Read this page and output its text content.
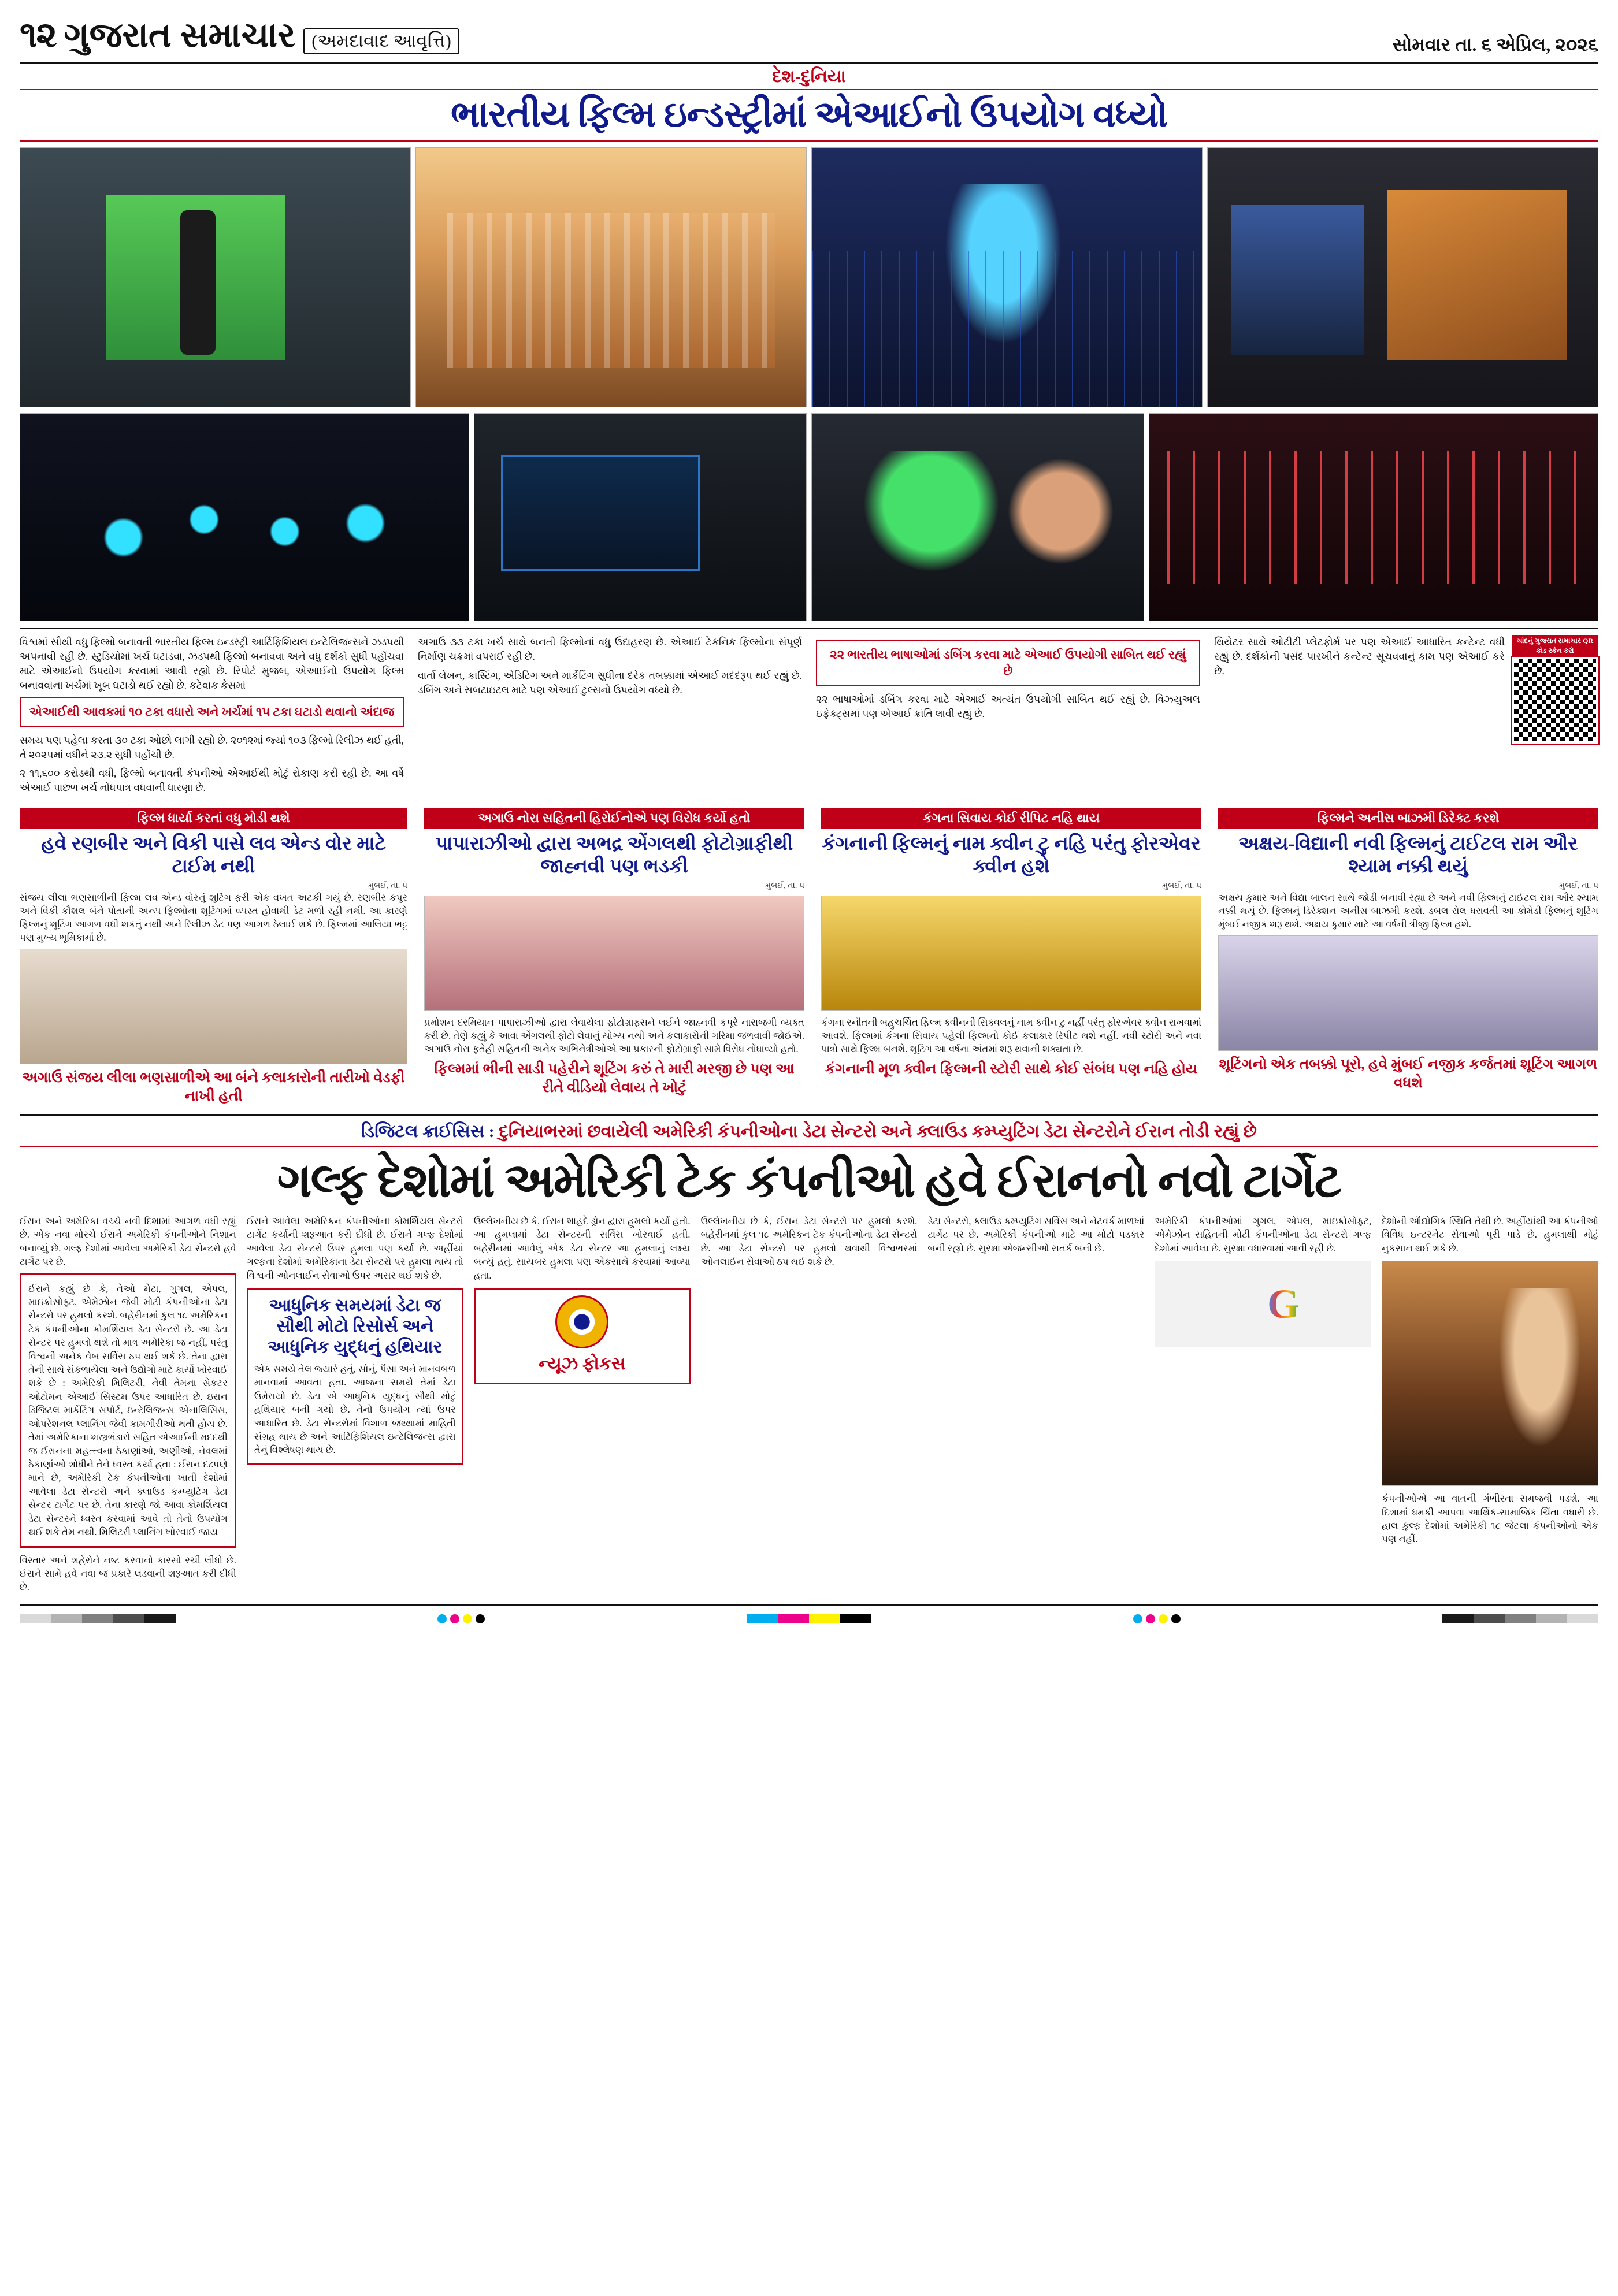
૧૨ ગુજરાત સમાચાર (અમદાવાદ આવૃત્તિ)	સોમવાર તા. ૬ એપ્રિલ, ૨૦૨૬
દેશ-દુનિયા
ભારતીય ફિલ્મ ઇન્ડસ્ટ્રીમાં એઆઈનો ઉપયોગ વધ્યો

વિશ્વમાં સૌથી વધુ ફિલ્મો બનાવતી ભારતીય ફિલ્મ ઇન્ડસ્ટ્રી આર્ટિફિશિયલ ઇન્ટેલિજન્સને ઝડપથી અપનાવી રહી છે. સ્ટુડિયોમાં ખર્ચ ઘટાડવા, ઝડપથી ફિલ્મો બનાવવા અને વધુ દર્શકો સુધી પહોંચવા માટે એઆઈનો ઉપયોગ કરવામાં આવી રહ્યો છે. રિપોર્ટ મુજબ, એઆઈનો ઉપયોગ ફિલ્મ બનાવવાના ખર્ચમાં ખૂબ ઘટાડો થઈ રહ્યો છે. કટેવાક કેસમાં

એઆઈથી આવકમાં ૧૦ ટકા વધારો અને ખર્ચમાં ૧૫ ટકા ઘટાડો થવાનો અંદાજ

સમય પણ પહેલા કરતા ૩૦ ટકા ઓછો લાગી રહ્યો છે. ૨૦૧૨માં જ્યાં ૧૦૩ ફિલ્મો રિલીઝ થઈ હતી, તે ૨૦૨૫માં વધીને ૨૩.૨ સુધી પહોંચી છે.

૨ ૧૧,૬૦૦ કરોડથી વધી, ફિલ્મો બનાવતી કંપનીઓ એઆઈથી મોટું રોકાણ કરી રહી છે. આ વર્ષે એઆઈ પાછળ ખર્ચ નોંધપાત્ર વધવાની ધારણા છે.

અગાઉ ૩૩ ટકા ખર્ચ સાથે બનતી ફિલ્મોનાં વધુ ઉદાહરણ છે. એઆઈ ટેકનિક ફિલ્મોના સંપૂર્ણ નિર્માણ ચક્રમાં વપરાઈ રહી છે.

વાર્તા લેખન, કાસ્ટિંગ, એડિટિંગ અને માર્કેટિંગ સુધીના દરેક તબક્કામાં એઆઈ મદદરૂપ થઈ રહ્યું છે. ડબિંગ અને સબટાઇટલ માટે પણ એઆઈ ટુલ્સનો ઉપયોગ વધ્યો છે.

૨૨ ભારતીય ભાષાઓમાં ડબિંગ કરવા માટે એઆઈ ઉપયોગી સાબિત થઈ રહ્યું છે

૨૨ ભાષાઓમાં ડબિંગ કરવા માટે એઆઈ અત્યંત ઉપયોગી સાબિત થઈ રહ્યું છે. વિઝ્યુઅલ ઇફેક્ટ્સમાં પણ એઆઈ ક્રાંતિ લાવી રહ્યું છે.

ચાંદનું ગુજરાત સમાચાર QR કોડ સ્કેન કરો

થિયેટર સાથે ઓટીટી પ્લેટફોર્મ પર પણ એઆઈ આધારિત કન્ટેન્ટ વધી રહ્યું છે. દર્શકોની પસંદ પારખીને કન્ટેન્ટ સૂચવવાનું કામ પણ એઆઈ કરે છે.

ફિલ્મ ધાર્યા કરતાં વધુ મોડી થશે
હવે રણબીર અને વિકી પાસે લવ એન્ડ વોર માટે ટાઈમ નથી
મુંબઈ, તા. ૫
સંજય લીલા ભણસાળીની ફિલ્મ લવ એન્ડ વોરનું શૂટિંગ ફરી એક વખત અટકી ગયું છે. રણબીર કપૂર અને વિકી કૌશલ બંને પોતાની અન્ય ફિલ્મોના શૂટિંગમાં વ્યસ્ત હોવાથી ડેટ મળી રહી નથી. આ કારણે ફિલ્મનું શૂટિંગ આગળ વધી શકતું નથી અને રિલીઝ ડેટ પણ આગળ ઠેલાઈ શકે છે. ફિલ્મમાં આલિયા ભટ્ટ પણ મુખ્ય ભૂમિકામાં છે.
અગાઉ સંજય લીલા ભણસાળીએ આ બંને કલાકારોની તારીખો વેડફી નાખી હતી
અગાઉ નોરા સહિતની હિરોઈનોએ પણ વિરોધ કર્યો હતો
પાપારાઝીઓ દ્વારા અભદ્ર એંગલથી ફોટોગ્રાફીથી જાહ્નવી પણ ભડકી
મુંબઈ, તા. ૫
પ્રમોશન દરમિયાન પાપારાઝીઓ દ્વારા લેવાયેલા ફોટોગ્રાફ્સને લઈને જાહ્નવી કપૂરે નારાજગી વ્યક્ત કરી છે. તેણે કહ્યું કે આવા એંગલથી ફોટો લેવાનું યોગ્ય નથી અને કલાકારોની ગરિમા જળવાવી જોઈએ. અગાઉ નોરા ફતેહી સહિતની અનેક અભિનેત્રીઓએ આ પ્રકારની ફોટોગ્રાફી સામે વિરોધ નોંધાવ્યો હતો.
ફિલ્મમાં ભીની સાડી પહેરીને શૂટિંગ કરું તે મારી મરજી છે પણ આ રીતે વીડિયો લેવાય તે ખોટું
કંગના સિવાય કોઈ રીપિટ નહિ થાય
કંગનાની ફિલ્મનું નામ ક્વીન ટુ નહિ પરંતુ ફોરએવર ક્વીન હશે
મુંબઈ, તા. ૫
કંગના રનૌતની બહુચર્ચિત ફિલ્મ ક્વીનની સિક્વલનું નામ ક્વીન ટુ નહીં પરંતુ ફોરએવર ક્વીન રાખવામાં આવશે. ફિલ્મમાં કંગના સિવાય પહેલી ફિલ્મનો કોઈ કલાકાર રિપીટ થશે નહીં. નવી સ્ટોરી અને નવા પાત્રો સાથે ફિલ્મ બનશે. શૂટિંગ આ વર્ષના અંતમાં શરૂ થવાની શક્યતા છે.
કંગનાની મૂળ ક્વીન ફિલ્મની સ્ટોરી સાથે કોઈ સંબંધ પણ નહિ હોય
ફિલ્મને અનીસ બાઝમી ડિરેક્ટ કરશે
અક્ષય-વિદ્યાની નવી ફિલ્મનું ટાઈટલ રામ ઔર શ્યામ નક્કી થયું
મુંબઈ, તા. ૫
અક્ષય કુમાર અને વિદ્યા બાલન સાથે જોડી બનાવી રહ્યા છે અને નવી ફિલ્મનું ટાઈટલ રામ ઔર શ્યામ નક્કી થયું છે. ફિલ્મનું ડિરેક્શન અનીસ બાઝમી કરશે. ડબલ રોલ ધરાવતી આ કોમેડી ફિલ્મનું શૂટિંગ મુંબઈ નજીક શરૂ થશે. અક્ષય કુમાર માટે આ વર્ષની ત્રીજી ફિલ્મ હશે.
શૂટિંગનો એક તબક્કો પૂરો, હવે મુંબઈ નજીક કર્જતમાં શૂટિંગ આગળ વધશે
ડિજિટલ ક્રાઈસિસ : દુનિયાભરમાં છવાયેલી અમેરિકી કંપનીઓના ડેટા સેન્ટરો અને ક્લાઉડ કમ્પ્યુટિંગ ડેટા સેન્ટરોને ઈરાન તોડી રહ્યું છે
ગલ્ફ દેશોમાં અમેરિકી ટેક કંપનીઓ હવે ઈરાનનો નવો ટાર્ગેટ

ઈરાન અને અમેરિકા વચ્ચે નવી દિશામાં આગળ વધી રહ્યું છે. એક નવા મોરચે ઈરાને અમેરિકી કંપનીઓને નિશાન બનાવ્યું છે. ગલ્ફ દેશોમાં આવેલા અમેરિકી ડેટા સેન્ટરો હવે ટાર્ગેટ પર છે.

ઈરાને કહ્યું છે કે, તેઓ મેટા, ગુગલ, એપલ, માઇક્રોસોફ્ટ, એમેઝોન જેવી મોટી કંપનીઓના ડેટા સેન્ટરો પર હુમલો કરશે. બહેરીનમાં કુલ ૧૮ અમેરિકન ટેક કંપનીઓના કોમર્શિયલ ડેટા સેન્ટરો છે. આ ડેટા સેન્ટર પર હુમલો થશે તો માત્ર અમેરિકા જ નહીં, પરંતુ વિશ્વની અનેક વેબ સર્વિસ ઠપ થઈ શકે છે. તેના દ્વારા તેની સાથે સંકળાયેલા અને ઉદ્યોગો માટે કાર્યો ખોરવાઈ શકે છે : અમેરિકી મિલિટરી, નેવી તેમના સેકટર ઓટોમન એઆઈ સિસ્ટમ ઉપર આધારિત છે. ઇરાન ડિજિટલ માર્કેટિંગ સપોર્ટ, ઇન્ટેલિજન્સ એનાલિસિસ, ઓપરેશનલ પ્લાનિંગ જેવી કામગીરીઓ થતી હોય છે. તેમાં અમેરિકાના શસ્ત્રભંડારો સહિત એઆઈની મદદથી જ ઈરાનના મહત્ત્વના ઠેકાણાંઓ, અણીઓ, નેવલમાં ઠેકાણાંઓ શોધીને તેને ધ્વસ્ત કર્યા હતા : ઈરાન દઢપણે માને છે, અમેરિકી ટેક કંપનીઓના ખાતી દેશોમાં આવેલા ડેટા સેન્ટરો અને ક્લાઉડ કમ્પ્યુટિંગ ડેટા સેન્ટર ટાર્ગેટ પર છે. તેના કારણે જો આવા કોમર્શિયલ ડેટા સેન્ટરને ધ્વસ્ત કરવામાં આવે તો તેનો ઉપયોગ થઈ શકે તેમ નથી. મિલિટરી પ્લાનિંગ ખોરવાઈ જાય

વિસ્તાર અને શહેરોને નષ્ટ કરવાનો કારસો રચી લીધો છે. ઈરાને સામે હવે નવા જ પ્રકારે લડવાની શરૂઆત કરી દીધી છે.

ઈરાને આવેલા અમેરિકન કંપનીઓના કોમર્શિયલ સેન્ટરો ટાર્ગેટ કર્યાની શરૂઆત કરી દીધી છે. ઈરાને ગલ્ફ દેશોમાં આવેલા ડેટા સેન્ટરો ઉપર હુમલા પણ કર્યા છે. અહીંયાં ગલ્ફના દેશોમાં અમેરિકાના ડેટા સેન્ટરો પર હુમલા થાય તો વિશ્વની ઓનલાઈન સેવાઓ ઉપર અસર થઈ શકે છે.

આધુનિક સમયમાં ડેટા જ સૌથી મોટો રિસોર્સ અને આધુનિક યુદ્ધનું હથિયાર
એક સમયે તેલ જ્યારે હતું, સોનું, પૈસા અને માનવબળ માનવામાં આવતા હતા. આજના સમયે તેમાં ડેટા ઉમેરાયો છે. ડેટા એ આધુનિક યુદ્ધનું સૌથી મોટું હથિયાર બની ગયો છે. તેનો ઉપયોગ ત્યાં ઉપર આધારિત છે. ડેટા સેન્ટરોમાં વિશાળ જથ્થામાં માહિતી સંગ્રહ થાય છે અને આર્ટિફિશિયલ ઇન્ટેલિજન્સ દ્વારા તેનું વિશ્લેષણ થાય છે.

ઉલ્લેખનીય છે કે, ઈરાન શાહદે ડ્રોન દ્વારા હુમલો કર્યો હતો. આ હુમલામાં ડેટા સેન્ટરની સર્વિસ ખોરવાઈ હતી. બહેરીનમાં આવેલું એક ડેટા સેન્ટર આ હુમલાનું લક્ષ્ય બન્યું હતું. સાયબર હુમલા પણ એકસાથે કરવામાં આવ્યા હતા.

ન્યૂઝ ફોકસ

ઉલ્લેખનીય છે કે, ઈરાન ડેટા સેન્ટરો પર હુમલો કરશે. બહેરીનમાં કુલ ૧૮ અમેરિકન ટેક કંપનીઓના ડેટા સેન્ટરો છે. આ ડેટા સેન્ટરો પર હુમલો થવાથી વિશ્વભરમાં ઓનલાઈન સેવાઓ ઠપ થઈ શકે છે.

ડેટા સેન્ટરો, ક્લાઉડ કમ્પ્યુટિંગ સર્વિસ અને નેટવર્ક માળખાં ટાર્ગેટ પર છે. અમેરિકી કંપનીઓ માટે આ મોટો પડકાર બની રહ્યો છે. સુરક્ષા એજન્સીઓ સતર્ક બની છે.

અમેરિકી કંપનીઓમાં ગુગલ, એપલ, માઇક્રોસોફ્ટ, એમેઝોન સહિતની મોટી કંપનીઓના ડેટા સેન્ટરો ગલ્ફ દેશોમાં આવેલા છે. સુરક્ષા વધારવામાં આવી રહી છે.

G

દેશોની ઔદ્યોગિક સ્થિતિ તેથી છે. અહીંયાંથી આ કંપનીઓ વિવિધ ઇન્ટરનેટ સેવાઓ પૂરી પાડે છે. હુમલાથી મોટું નુકસાન થઈ શકે છે.

કંપનીઓએ આ વાતની ગંભીરતા સમજવી પડશે. આ દિશામાં ધમકી આપવા આર્થિક-સામાજિક ચિંતા વધારી છે. હાલ કુલ્ફ દેશોમાં અમેરિકી ૧૮ જેટલા કંપનીઓનો એક પણ નહીં.
